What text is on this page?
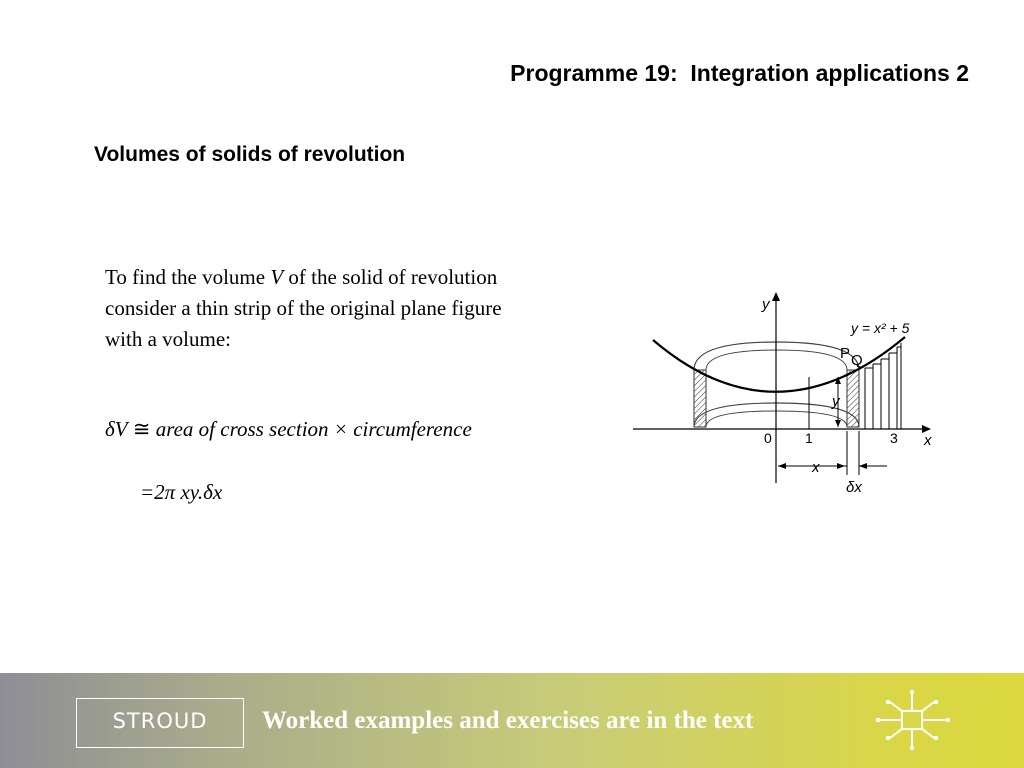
Programme 19:  Integration applications 2
Volumes of solids of revolution
To find the volume V of the solid of revolution consider a thin strip of the original plane figure with a volume:
δV ≅ area of cross section × circumference
=2π xy.δx
y
x
y = x² + 5
P Q
0 1	3
y
x
δx
STROUD	Worked examples and exercises are in the text
